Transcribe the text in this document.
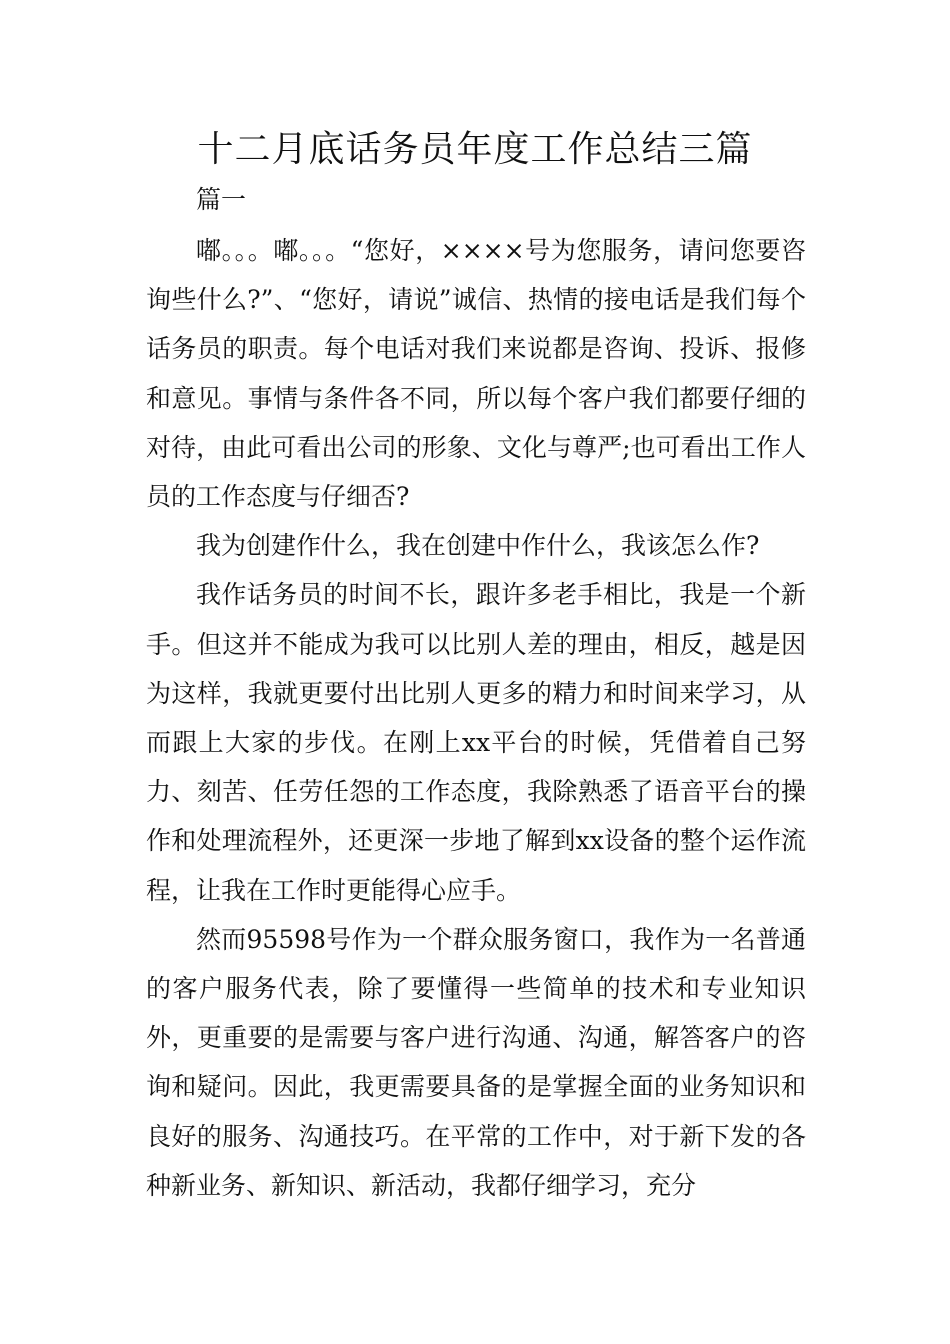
十二月底话务员年度工作总结三篇

篇一

嘟。。。嘟。。。“您好，××××号为您服务，请问您要咨询些什么?”、“您好，请说”诚信、热情的接电话是我们每个话务员的职责。每个电话对我们来说都是咨询、投诉、报修和意见。事情与条件各不同，所以每个客户我们都要仔细的对待，由此可看出公司的形象、文化与尊严;也可看出工作人员的工作态度与仔细否?

我为创建作什么，我在创建中作什么，我该怎么作?

我作话务员的时间不长，跟许多老手相比，我是一个新手。但这并不能成为我可以比别人差的理由，相反，越是因为这样，我就更要付出比别人更多的精力和时间来学习，从而跟上大家的步伐。在刚上xx平台的时候，凭借着自己努力、刻苦、任劳任怨的工作态度，我除熟悉了语音平台的操作和处理流程外，还更深一步地了解到xx设备的整个运作流程，让我在工作时更能得心应手。

然而95598号作为一个群众服务窗口，我作为一名普通的客户服务代表，除了要懂得一些简单的技术和专业知识外，更重要的是需要与客户进行沟通、沟通，解答客户的咨询和疑问。因此，我更需要具备的是掌握全面的业务知识和良好的服务、沟通技巧。在平常的工作中，对于新下发的各种新业务、新知识、新活动，我都仔细学习，充分
